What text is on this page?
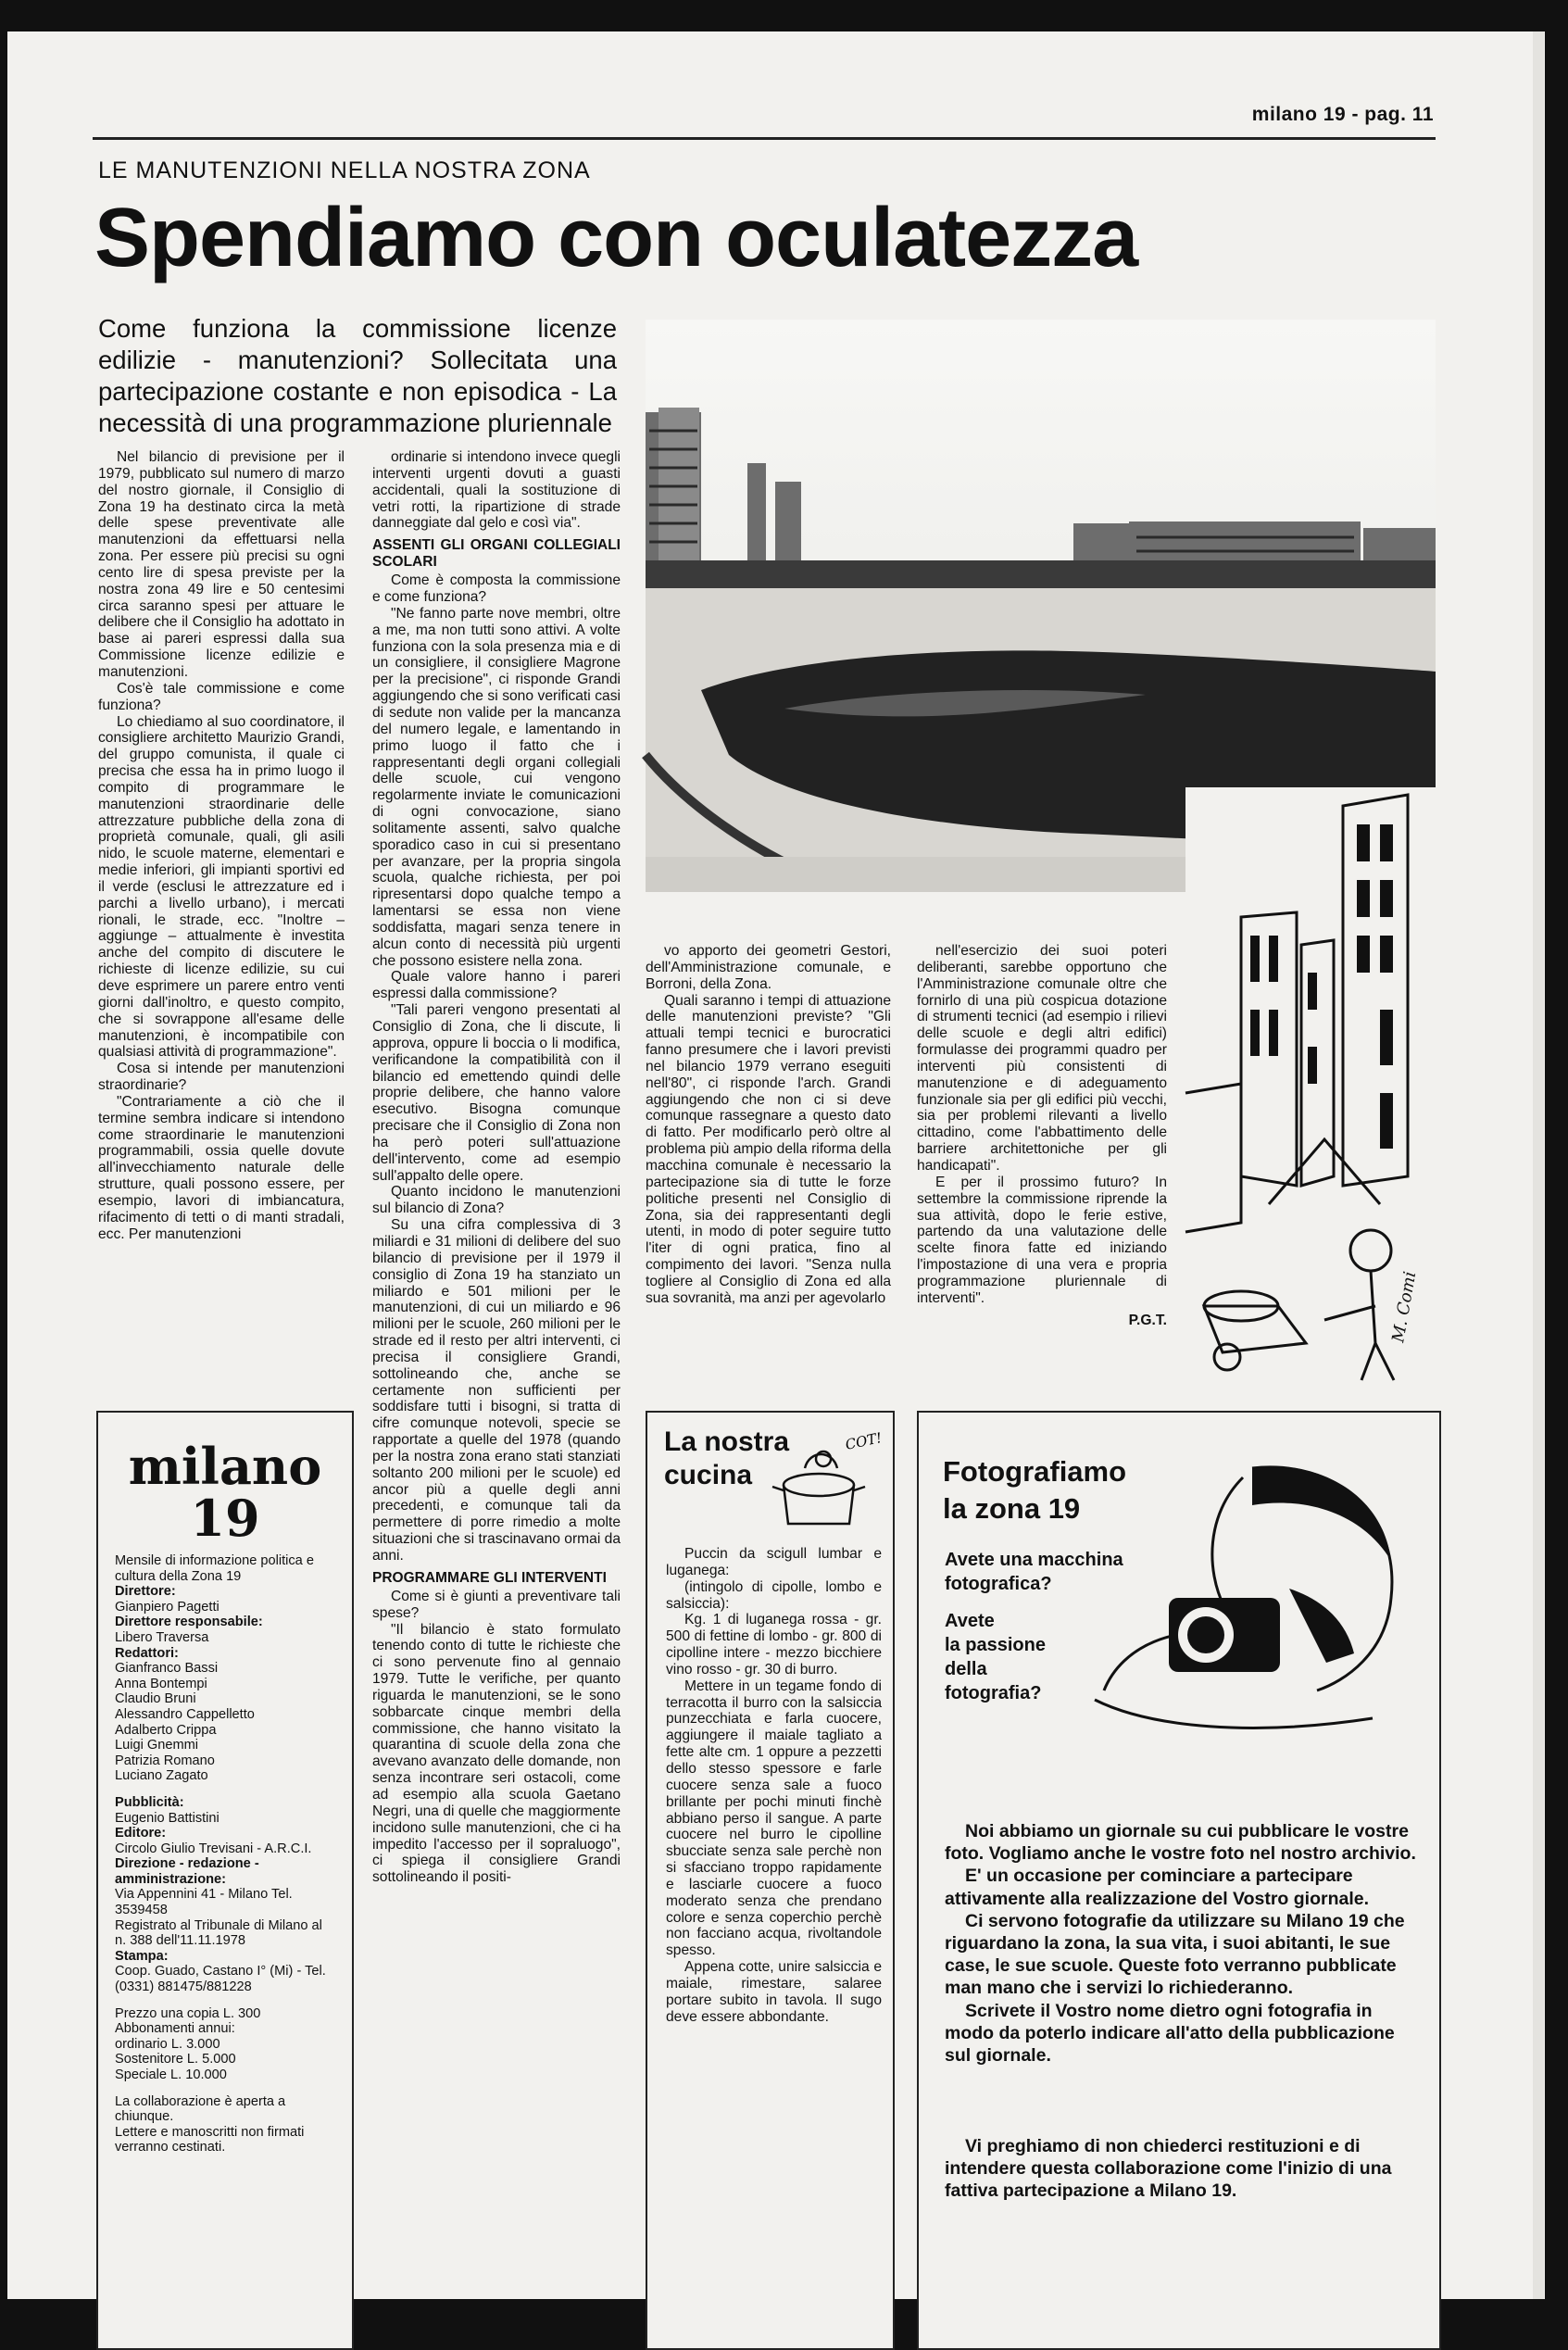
milano 19 - pag. 11
LE MANUTENZIONI NELLA NOSTRA ZONA
Spendiamo con oculatezza
Come funziona la commissione licenze edilizie - manutenzioni? Sollecitata una partecipazione costante e non episodica - La necessità di una programmazione pluriennale
M. Comi

Nel bilancio di previsione per il 1979, pubblicato sul numero di marzo del nostro giornale, il Consiglio di Zona 19 ha destinato circa la metà delle spese preventivate alle manutenzioni da effettuarsi nella zona. Per essere più precisi su ogni cento lire di spesa previste per la nostra zona 49 lire e 50 centesimi circa saranno spesi per attuare le delibere che il Consiglio ha adottato in base ai pareri espressi dalla sua Commissione licenze edilizie e manutenzioni.

Cos'è tale commissione e come funziona?

Lo chiediamo al suo coordinatore, il consigliere architetto Maurizio Grandi, del gruppo comunista, il quale ci precisa che essa ha in primo luogo il compito di programmare le manutenzioni straordinarie delle attrezzature pubbliche della zona di proprietà comunale, quali, gli asili nido, le scuole materne, elementari e medie inferiori, gli impianti sportivi ed il verde (esclusi le attrezzature ed i parchi a livello urbano), i mercati rionali, le strade, ecc. "Inoltre – aggiunge – attualmente è investita anche del compito di discutere le richieste di licenze edilizie, su cui deve esprimere un parere entro venti giorni dall'inoltro, e questo compito, che si sovrappone all'esame delle manutenzioni, è incompatibile con qualsiasi attività di programmazione".

Cosa si intende per manutenzioni straordinarie?

"Contrariamente a ciò che il termine sembra indicare si intendono come straordinarie le manutenzioni programmabili, ossia quelle dovute all'invecchiamento naturale delle strutture, quali possono essere, per esempio, lavori di imbiancatura, rifacimento di tetti o di manti stradali, ecc. Per manutenzioni

ordinarie si intendono invece quegli interventi urgenti dovuti a guasti accidentali, quali la sostituzione di vetri rotti, la ripartizione di strade danneggiate dal gelo e così via".

ASSENTI GLI ORGANI COLLEGIALI SCOLARI

Come è composta la commissione e come funziona?

"Ne fanno parte nove membri, oltre a me, ma non tutti sono attivi. A volte funziona con la sola presenza mia e di un consigliere, il consigliere Magrone per la precisione", ci risponde Grandi aggiungendo che si sono verificati casi di sedute non valide per la mancanza del numero legale, e lamentando in primo luogo il fatto che i rappresentanti degli organi collegiali delle scuole, cui vengono regolarmente inviate le comunicazioni di ogni convocazione, siano solitamente assenti, salvo qualche sporadico caso in cui si presentano per avanzare, per la propria singola scuola, qualche richiesta, per poi ripresentarsi dopo qualche tempo a lamentarsi se essa non viene soddisfatta, magari senza tenere in alcun conto di necessità più urgenti che possono esistere nella zona.

Quale valore hanno i pareri espressi dalla commissione?

"Tali pareri vengono presentati al Consiglio di Zona, che li discute, li approva, oppure li boccia o li modifica, verificandone la compatibilità con il bilancio ed emettendo quindi delle proprie delibere, che hanno valore esecutivo. Bisogna comunque precisare che il Consiglio di Zona non ha però poteri sull'attuazione dell'intervento, come ad esempio sull'appalto delle opere.

Quanto incidono le manutenzioni sul bilancio di Zona?

Su una cifra complessiva di 3 miliardi e 31 milioni di delibere del suo bilancio di previsione per il 1979 il consiglio di Zona 19 ha stanziato un miliardo e 501 milioni per le manutenzioni, di cui un miliardo e 96 milioni per le scuole, 260 milioni per le strade ed il resto per altri interventi, ci precisa il consigliere Grandi, sottolineando che, anche se certamente non sufficienti per soddisfare tutti i bisogni, si tratta di cifre comunque notevoli, specie se rapportate a quelle del 1978 (quando per la nostra zona erano stati stanziati soltanto 200 milioni per le scuole) ed ancor più a quelle degli anni precedenti, e comunque tali da permettere di porre rimedio a molte situazioni che si trascinavano ormai da anni.

PROGRAMMARE GLI INTERVENTI

Come si è giunti a preventivare tali spese?

"Il bilancio è stato formulato tenendo conto di tutte le richieste che ci sono pervenute fino al gennaio 1979. Tutte le verifiche, per quanto riguarda le manutenzioni, se le sono sobbarcate cinque membri della commissione, che hanno visitato la quarantina di scuole della zona che avevano avanzato delle domande, non senza incontrare seri ostacoli, come ad esempio alla scuola Gaetano Negri, una di quelle che maggiormente incidono sulle manutenzioni, che ci ha impedito l'accesso per il sopraluogo", ci spiega il consigliere Grandi sottolineando il positi-

vo apporto dei geometri Gestori, dell'Amministrazione comunale, e Borroni, della Zona.

Quali saranno i tempi di attuazione delle manutenzioni previste? "Gli attuali tempi tecnici e burocratici fanno presumere che i lavori previsti nel bilancio 1979 verrano eseguiti nell'80", ci risponde l'arch. Grandi aggiungendo che non ci si deve comunque rassegnare a questo dato di fatto. Per modificarlo però oltre al problema più ampio della riforma della macchina comunale è necessario la partecipazione sia di tutte le forze politiche presenti nel Consiglio di Zona, sia dei rappresentanti degli utenti, in modo di poter seguire tutto l'iter di ogni pratica, fino al compimento dei lavori. "Senza nulla togliere al Consiglio di Zona ed alla sua sovranità, ma anzi per agevolarlo

nell'esercizio dei suoi poteri deliberanti, sarebbe opportuno che l'Amministrazione comunale oltre che fornirlo di una più cospicua dotazione di strumenti tecnici (ad esempio i rilievi delle scuole e degli altri edifici) formulasse dei programmi quadro per interventi più consistenti di manutenzione e di adeguamento funzionale sia per gli edifici più vecchi, sia per problemi rilevanti a livello cittadino, come l'abbattimento delle barriere architettoniche per gli handicapati".

E per il prossimo futuro? In settembre la commissione riprende la sua attività, dopo le ferie estive, partendo da una valutazione delle scelte finora fatte ed iniziando l'impostazione di una vera e propria programmazione pluriennale di interventi".

P.G.T.
milano
19
Mensile di informazione politica e cultura della Zona 19
Direttore:
Gianpiero Pagetti
Direttore responsabile:
Libero Traversa
Redattori:
Gianfranco Bassi
Anna Bontempi
Claudio Bruni
Alessandro Cappelletto
Adalberto Crippa
Luigi Gnemmi
Patrizia Romano
Luciano Zagato
Pubblicità:
Eugenio Battistini
Editore:
Circolo Giulio Trevisani - A.R.C.I.
Direzione - redazione - amministrazione:
Via Appennini 41 - Milano Tel. 3539458
Registrato al Tribunale di Milano al n. 388 dell'11.11.1978
Stampa:
Coop. Guado, Castano I° (Mi) - Tel. (0331) 881475/881228
Prezzo una copia L. 300
Abbonamenti annui:
ordinario L. 3.000
Sostenitore L. 5.000
Speciale L. 10.000
La collaborazione è aperta a chiunque.
Lettere e manoscritti non firmati verranno cestinati.
La nostra
cucina
COT!

Puccin da scigull lumbar e luganega:

(intingolo di cipolle, lombo e salsiccia):

Kg. 1 di luganega rossa - gr. 500 di fettine di lombo - gr. 800 di cipolline intere - mezzo bicchiere vino rosso - gr. 30 di burro.

Mettere in un tegame fondo di terracotta il burro con la salsiccia punzecchiata e farla cuocere, aggiungere il maiale tagliato a fette alte cm. 1 oppure a pezzetti dello stesso spessore e farle cuocere senza sale a fuoco brillante per pochi minuti finchè abbiano perso il sangue. A parte cuocere nel burro le cipolline sbucciate senza sale perchè non si sfacciano troppo rapidamente e lasciarle cuocere a fuoco moderato senza che prendano colore e senza coperchio perchè non facciano acqua, rivoltandole spesso.

Appena cotte, unire salsiccia e maiale, rimestare, salaree portare subito in tavola. Il sugo deve essere abbondante.

Fotografiamo
la zona 19
Avete una macchina
fotografica?
Avete
la passione
della
fotografia?

Noi abbiamo un giornale su cui pubblicare le vostre foto. Vogliamo anche le vostre foto nel nostro archivio.

E' un occasione per cominciare a partecipare attivamente alla realizzazione del Vostro giornale.

Ci servono fotografie da utilizzare su Milano 19 che riguardano la zona, la sua vita, i suoi abitanti, le sue case, le sue scuole. Queste foto verranno pubblicate man mano che i servizi lo richiederanno.

Scrivete il Vostro nome dietro ogni fotografia in modo da poterlo indicare all'atto della pubblicazione sul giornale.

Vi preghiamo di non chiederci restituzioni e di intendere questa collaborazione come l'inizio di una fattiva partecipazione a Milano 19.
